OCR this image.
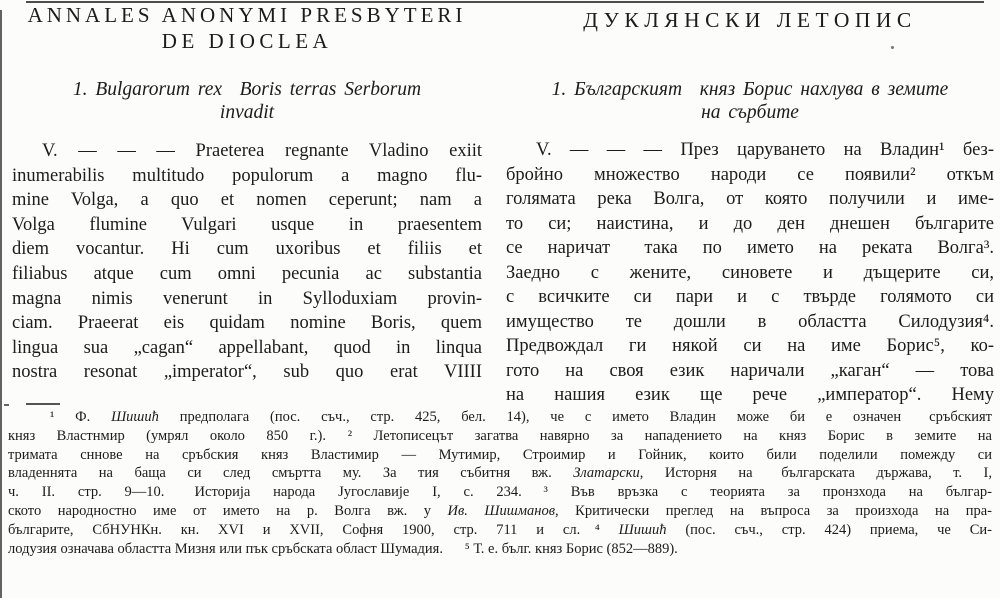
ANNALES ANONYMI PRESBYTERI
DE DIOCLEA
1. Bulgarorum rex  Boris terras Serborum
invadit
V. — — — Praeterea regnante Vladino exiit
inumerabilis multitudo populorum a magno flu-
mine Volga, a quo et nomen ceperunt; nam a
Volga flumine Vulgari usque in praesentem
diem vocantur. Hi cum uxoribus et filiis et
filiabus atque cum omni pecunia ac substantia
magna nimis venerunt in Sylloduxiam provin-
ciam. Praeerat eis quidam nomine Boris, quem
lingua sua „cagan“ appellabant, quod in linqua
nostra resonat „imperator“, sub quo erat VIIII
ДУКЛЯНСКИ ЛЕТОПИС
1. Българският  княз Борис нахлува в земите
на сърбите
V. — — — През царуването на Владин¹ без-
бройно множество народи се появили² откъм
голямата река Волга, от която получили и име-
то си; наистина, и до ден днешен българите
се наричат  така по името на реката Волга³.
Заедно с жените, синовете и дъщерите си,
с всичките си пари и с твърде голямото си
имущество те дошли в областта Силодузия⁴.
Предвождал ги някой си на име Борис⁵, ко-
гото на своя език наричали „каган“ — това
на нашия език ще рече „император“. Нему
¹ Ф. Шишић предполага (пос. съч., стр. 425, бел. 14), че с името Владин може би е означен  сръбският
княз Властнмир (умрял около 850 г.).  ² Летописецът загатва навярно за нападението на княз Борис в земите на
тримата сннове на сръбския княз Властимир — Мутимир, Строимир и Гойник, които били поделили помежду си
владеннята на баща си след смъртта му. За тия събитня вж. Златарски, Исторня на  българската държава, т. I,
ч. II. стр. 9—10.  Историја народа Југославије I, с. 234.  ³ Във връзка с теорията за пронзхода на българ-
ското народностно име от името на р. Волга вж. у Ив. Шишманов, Критически преглед на въпроса за произхода на пра-
българите, СбНУНКн. кн. XVI и XVII, Софня 1900, стр. 711 и сл. ⁴ Шишић (пос. съч., стр. 424) приема, че Си-
лодузия означава областта Мизня или пък сръбската област Шумадия.  ⁵ Т. е. бълг. княз Борис (852—889).
